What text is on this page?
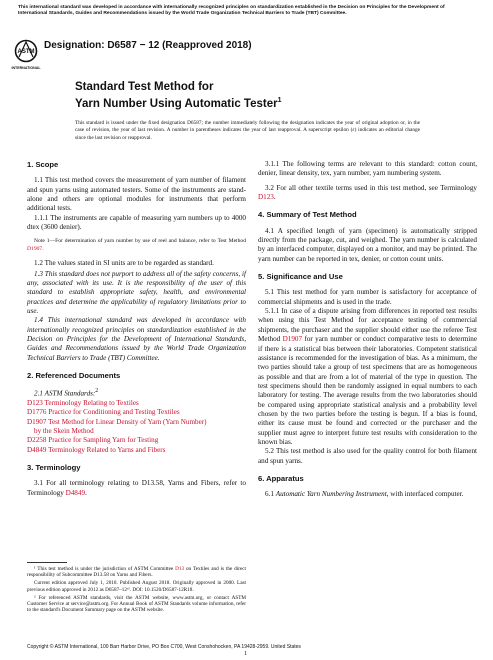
This international standard was developed in accordance with internationally recognized principles on standardization established in the Decision on Principles for the Development of International Standards, Guides and Recommendations issued by the World Trade Organization Technical Barriers to Trade (TBT) Committee.
ASTM
INTERNATIONAL
Designation: D6587 − 12 (Reapproved 2018)
Standard Test Method for
Yarn Number Using Automatic Tester$^1$
This standard is issued under the fixed designation D6587; the number immediately following the designation indicates the year of original adoption or, in the case of revision, the year of last revision. A number in parentheses indicates the year of last reapproval. A superscript epsilon (ε) indicates an editorial change since the last revision or reapproval.
1. Scope

1.1 This test method covers the measurement of yarn number of filament and spun yarns using automated testers. Some of the instruments are stand-alone and others are optional modules for instruments that perform additional tests.

1.1.1 The instruments are capable of measuring yarn numbers up to 4000 dtex (3600 denier).

Note 1—For determination of yarn number by use of reel and balance, refer to Test Method D1907.

1.2 The values stated in SI units are to be regarded as standard.

1.3 This standard does not purport to address all of the safety concerns, if any, associated with its use. It is the responsibility of the user of this standard to establish appropriate safety, health, and environmental practices and determine the applicability of regulatory limitations prior to use.

1.4 This international standard was developed in accordance with internationally recognized principles on standardization established in the Decision on Principles for the Development of International Standards, Guides and Recommendations issued by the World Trade Organization Technical Barriers to Trade (TBT) Committee.

2. Referenced Documents

2.1 ASTM Standards:$^2$

D123 Terminology Relating to Textiles
D1776 Practice for Conditioning and Testing Textiles
D1907 Test Method for Linear Density of Yarn (Yarn Number)
by the Skein Method
D2258 Practice for Sampling Yarn for Testing
D4849 Terminology Related to Yarns and Fibers
3. Terminology

3.1 For all terminology relating to D13.58, Yarns and Fibers, refer to Terminology D4849.

¹ This test method is under the jurisdiction of ASTM Committee D13 on Textiles and is the direct responsibility of Subcommittee D13.58 on Yarns and Fibers.

Current edition approved July 1, 2018. Published August 2018. Originally approved in 2000. Last previous edition approved in 2012 as D6587–12ᵋ¹. DOI: 10.1520/D6587-12R18.

² For referenced ASTM standards, visit the ASTM website, www.astm.org, or contact ASTM Customer Service at service@astm.org. For Annual Book of ASTM Standards volume information, refer to the standard's Document Summary page on the ASTM website.

3.1.1 The following terms are relevant to this standard: cotton count, denier, linear density, tex, yarn number, yarn numbering system.

3.2 For all other textile terms used in this test method, see Terminology D123.

4. Summary of Test Method

4.1 A specified length of yarn (specimen) is automatically stripped directly from the package, cut, and weighed. The yarn number is calculated by an interfaced computer, displayed on a monitor, and may be printed. The yarn number can be reported in tex, denier, or cotton count units.

5. Significance and Use

5.1 This test method for yarn number is satisfactory for acceptance of commercial shipments and is used in the trade.

5.1.1 In case of a dispute arising from differences in reported test results when using this Test Method for acceptance testing of commercial shipments, the purchaser and the supplier should either use the referee Test Method D1907 for yarn number or conduct comparative tests to determine if there is a statistical bias between their laboratories. Competent statistical assistance is recommended for the investigation of bias. As a minimum, the two parties should take a group of test specimens that are as homogeneous as possible and that are from a lot of material of the type in question. The test specimens should then be randomly assigned in equal numbers to each laboratory for testing. The average results from the two laboratories should be compared using appropriate statistical analysis and a probability level chosen by the two parties before the testing is begun. If a bias is found, either its cause must be found and corrected or the purchaser and the supplier must agree to interpret future test results with consideration to the known bias.

5.2 This test method is also used for the quality control for both filament and spun yarns.

6. Apparatus

6.1 Automatic Yarn Numbering Instrument, with interfaced computer.

Copyright © ASTM International, 100 Barr Harbor Drive, PO Box C700, West Conshohocken, PA 19428-2959. United States
1
